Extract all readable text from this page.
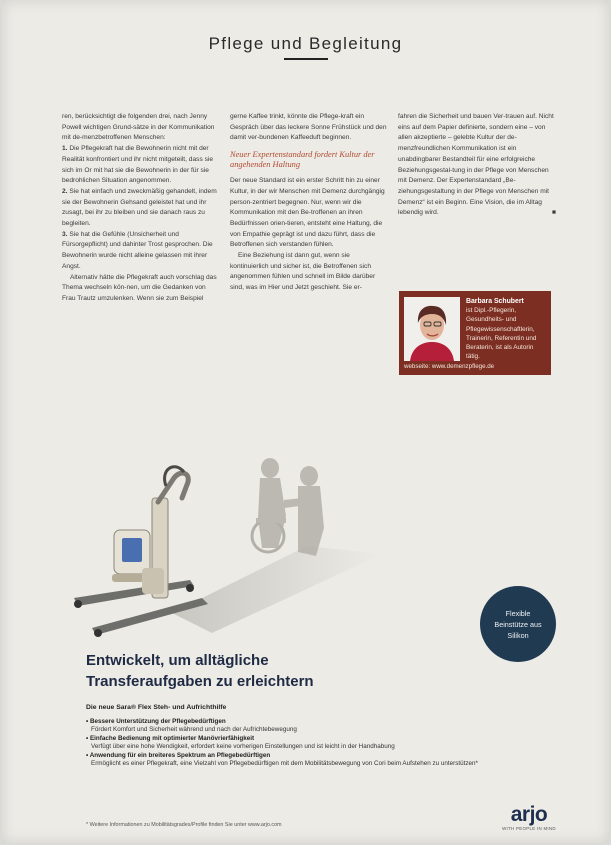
Pflege und Begleitung

ren, berücksichtigt die folgenden drei, nach Jenny Powell wichtigen Grund-sätze in der Kommunikation mit de-menzbetroffenen Menschen:

1. Die Pflegekraft hat die Bewohnerin nicht mit der Realität konfrontiert und ihr nicht mitgeteilt, dass sie sich im Or mit hat sie die Bewohnerin in der für sie bedrohlichen Situation angenommen.

2. Sie hat einfach und zweckmäßig gehandelt, indem sie der Bewohnerin Gehsand geleistet hat und ihr zusagt, bei ihr zu bleiben und sie danach raus zu begleiten.

3. Sie hat die Gefühle (Unsicherheit und Fürsorgepflicht) und dahinter Trost gesprochen. Die Bewohnerin wurde nicht alleine gelassen mit ihrer Angst.

Alternativ hätte die Pflegekraft auch vorschlag das Thema wechseln kön-nen, um die Gedanken von Frau Trautz umzulenken. Wenn sie zum Beispiel

gerne Kaffee trinkt, könnte die Pflege-kraft ein Gespräch über das leckere Sonne Frühstück und den damit ver-bundenen Kaffeeduft beginnen.

Neuer Expertenstandard fordert Kultur der angehenden Haltung

Der neue Standard ist ein erster Schritt hin zu einer Kultur, in der wir Menschen mit Demenz durchgängig person-zentriert begegnen. Nur, wenn wir die Kommunikation mit den Be-troffenen an ihren Bedürfnissen orien-tieren, entsteht eine Haltung, die von Empathie geprägt ist und dazu führt, dass die Betroffenen sich verstanden fühlen.

Eine Beziehung ist dann gut, wenn sie kontinuierlich und sicher ist, die Betroffenen sich angenommen fühlen und schnell im Bilde darüber sind, was im Hier und Jetzt geschieht. Sie er-

fahren die Sicherheit und bauen Ver-trauen auf. Nicht eins auf dem Papier definierte, sondern eine – von allen akzeptierte – gelebte Kultur der de-menzfreundlichen Kommunikation ist ein unabdingbarer Bestandteil für eine erfolgreiche Beziehungsgestal-tung in der Pflege von Menschen mit Demenz. Der Expertenstandard „Be-ziehungsgestaltung in der Pflege von Menschen mit Demenz“ ist ein Beginn. Eine Vision, die im Alltag lebendig wird.	■

Barbara Schubert
ist Dipl.-Pflegerin, Gesundheits- und Pflegewissenschaftlerin, Trainerin, Referentin und Beraterin, ist als Autorin tätig.
webseite: www.demenzpflege.de
Flexible Beinstütze aus Silikon
Entwickelt, um alltägliche
Transferaufgaben zu erleichtern
Die neue Sara® Flex Steh- und Aufrichthilfe
• Bessere Unterstützung der Pflegebedürftigen
Fördert Komfort und Sicherheit während und nach der Aufrichtebewegung
• Einfache Bedienung mit optimierter Manövrierfähigkeit
Verfügt über eine hohe Wendigkeit, erfordert keine vorherigen Einstellungen und ist leicht in der Handhabung
• Anwendung für ein breiteres Spektrum an Pflegebedürftigen
Ermöglicht es einer Pflegekraft, eine Vielzahl von Pflegebedürftigen mit dem Mobilitätsbewegung von Cori beim Aufstehen zu unterstützen*
* Weitere Informationen zu Mobilitätsgrades/Profile finden Sie unter www.arjo.com	arjo
WITH PEOPLE IN MIND
